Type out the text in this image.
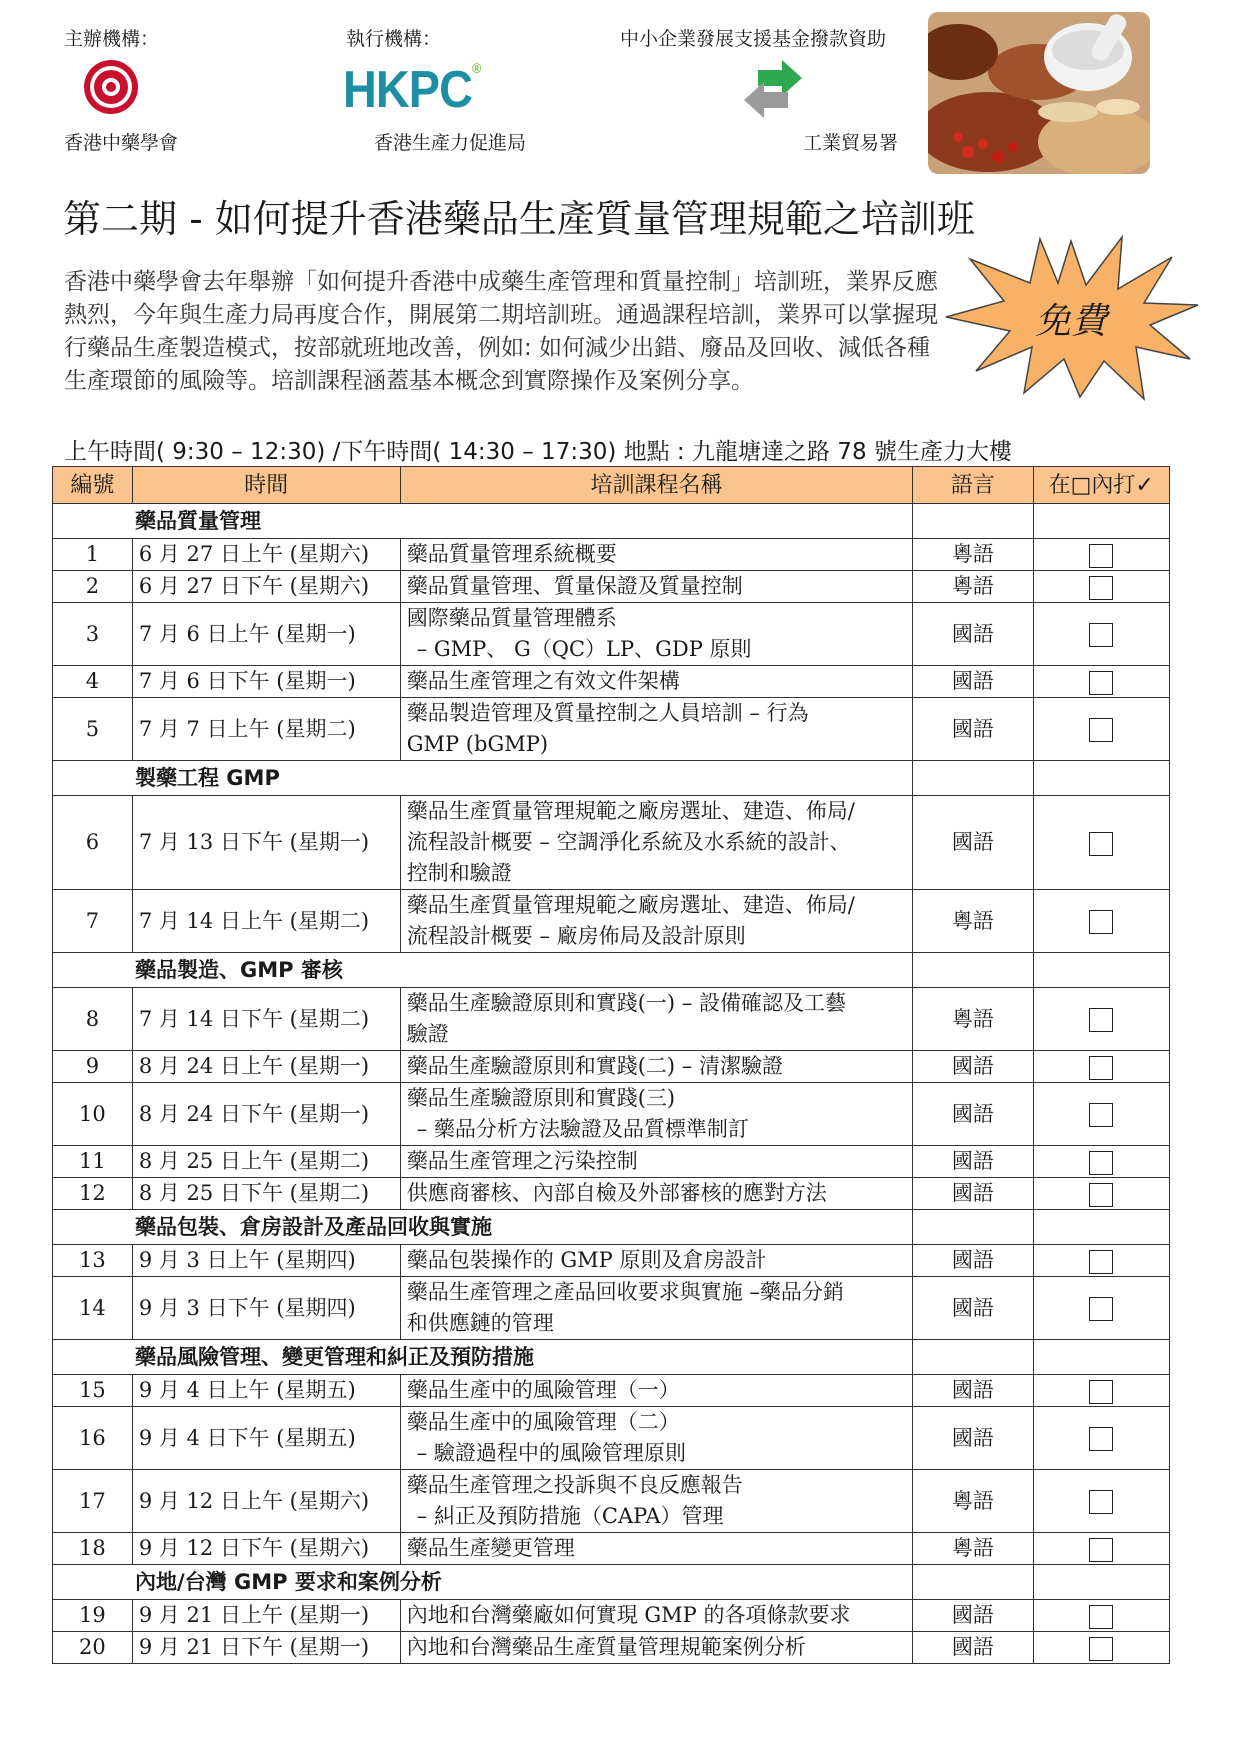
主辦機構：
香港中藥學會
執行機構：
HKPC®
香港生產力促進局
中小企業發展支援基金撥款資助
工業貿易署
第二期 - 如何提升香港藥品生產質量管理規範之培訓班

香港中藥學會去年舉辦「如何提升香港中成藥生產管理和質量控制」培訓班，業界反應熱烈，今年與生產力局再度合作，開展第二期培訓班。通過課程培訓，業界可以掌握現行藥品生產製造模式，按部就班地改善，例如: 如何減少出錯、廢品及回收、減低各種生產環節的風險等。培訓課程涵蓋基本概念到實際操作及案例分享。

免費
上午時間( 9:30 – 12:30) /下午時間( 14:30 – 17:30) 地點 : 九龍塘達之路 78 號生產力大樓
編號	時間	培訓課程名稱	語言	在□內打✓
藥品質量管理				
1	6 月 27 日上午 (星期六)	藥品質量管理系統概要	粵語	
2	6 月 27 日下午 (星期六)	藥品質量管理、質量保證及質量控制	粵語	
3	7 月 6 日上午 (星期一)	國際藥品質量管理體系
– GMP、 G（QC）LP、GDP 原則	國語	
4	7 月 6 日下午 (星期一)	藥品生產管理之有效文件架構	國語	
5	7 月 7 日上午 (星期二)	藥品製造管理及質量控制之人員培訓 – 行為
GMP (bGMP)	國語	
製藥工程 GMP				
6	7 月 13 日下午 (星期一)	藥品生產質量管理規範之廠房選址、建造、佈局/
流程設計概要 – 空調淨化系統及水系統的設計、
控制和驗證	國語	
7	7 月 14 日上午 (星期二)	藥品生產質量管理規範之廠房選址、建造、佈局/
流程設計概要 – 廠房佈局及設計原則	粵語	
藥品製造、GMP 審核				
8	7 月 14 日下午 (星期二)	藥品生產驗證原則和實踐(一) – 設備確認及工藝
驗證	粵語	
9	8 月 24 日上午 (星期一)	藥品生產驗證原則和實踐(二) – 清潔驗證	國語	
10	8 月 24 日下午 (星期一)	藥品生產驗證原則和實踐(三)
– 藥品分析方法驗證及品質標準制訂	國語	
11	8 月 25 日上午 (星期二)	藥品生產管理之污染控制	國語	
12	8 月 25 日下午 (星期二)	供應商審核、內部自檢及外部審核的應對方法	國語	
藥品包裝、倉房設計及產品回收與實施				
13	9 月 3 日上午 (星期四)	藥品包裝操作的 GMP 原則及倉房設計	國語	
14	9 月 3 日下午 (星期四)	藥品生產管理之產品回收要求與實施 –藥品分銷
和供應鏈的管理	國語	
藥品風險管理、變更管理和糾正及預防措施				
15	9 月 4 日上午 (星期五)	藥品生產中的風險管理（一）	國語	
16	9 月 4 日下午 (星期五)	藥品生產中的風險管理（二）
– 驗證過程中的風險管理原則	國語	
17	9 月 12 日上午 (星期六)	藥品生產管理之投訴與不良反應報告
– 糾正及預防措施（CAPA）管理	粵語	
18	9 月 12 日下午 (星期六)	藥品生產變更管理	粵語	
內地/台灣 GMP 要求和案例分析				
19	9 月 21 日上午 (星期一)	內地和台灣藥廠如何實現 GMP 的各項條款要求	國語	
20	9 月 21 日下午 (星期一)	內地和台灣藥品生產質量管理規範案例分析	國語	
